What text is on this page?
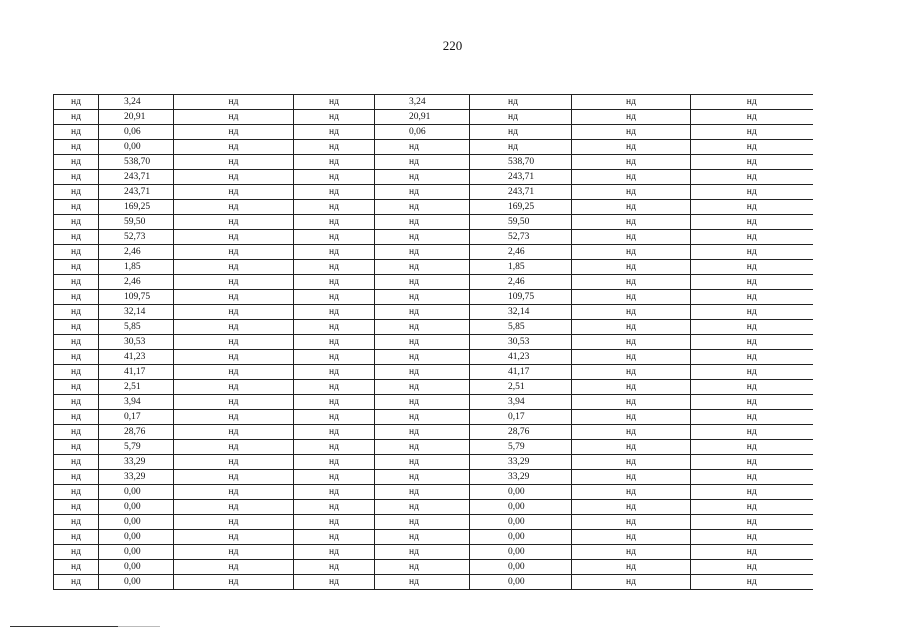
220
нд	3,24	нд	нд	3,24	нд	нд	нд
нд	20,91	нд	нд	20,91	нд	нд	нд
нд	0,06	нд	нд	0,06	нд	нд	нд
нд	0,00	нд	нд	нд	нд	нд	нд
нд	538,70	нд	нд	нд	538,70	нд	нд
нд	243,71	нд	нд	нд	243,71	нд	нд
нд	243,71	нд	нд	нд	243,71	нд	нд
нд	169,25	нд	нд	нд	169,25	нд	нд
нд	59,50	нд	нд	нд	59,50	нд	нд
нд	52,73	нд	нд	нд	52,73	нд	нд
нд	2,46	нд	нд	нд	2,46	нд	нд
нд	1,85	нд	нд	нд	1,85	нд	нд
нд	2,46	нд	нд	нд	2,46	нд	нд
нд	109,75	нд	нд	нд	109,75	нд	нд
нд	32,14	нд	нд	нд	32,14	нд	нд
нд	5,85	нд	нд	нд	5,85	нд	нд
нд	30,53	нд	нд	нд	30,53	нд	нд
нд	41,23	нд	нд	нд	41,23	нд	нд
нд	41,17	нд	нд	нд	41,17	нд	нд
нд	2,51	нд	нд	нд	2,51	нд	нд
нд	3,94	нд	нд	нд	3,94	нд	нд
нд	0,17	нд	нд	нд	0,17	нд	нд
нд	28,76	нд	нд	нд	28,76	нд	нд
нд	5,79	нд	нд	нд	5,79	нд	нд
нд	33,29	нд	нд	нд	33,29	нд	нд
нд	33,29	нд	нд	нд	33,29	нд	нд
нд	0,00	нд	нд	нд	0,00	нд	нд
нд	0,00	нд	нд	нд	0,00	нд	нд
нд	0,00	нд	нд	нд	0,00	нд	нд
нд	0,00	нд	нд	нд	0,00	нд	нд
нд	0,00	нд	нд	нд	0,00	нд	нд
нд	0,00	нд	нд	нд	0,00	нд	нд
нд	0,00	нд	нд	нд	0,00	нд	нд
